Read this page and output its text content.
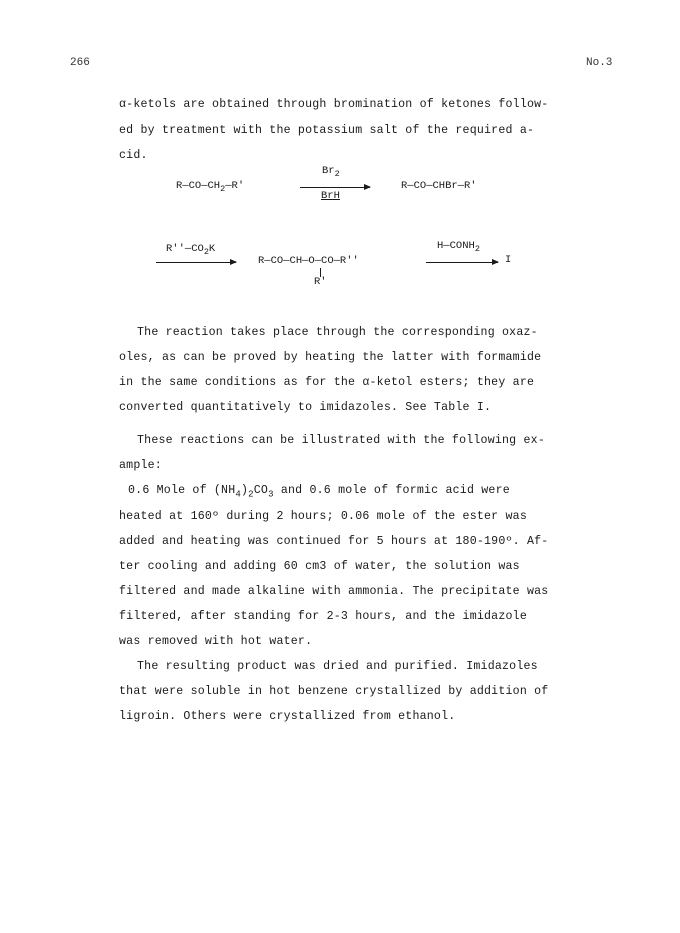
266	No.3
α-ketols are obtained through bromination of ketones follow-
ed by treatment with the potassium salt of the required a-
cid.
$R—CO—CH_2—R'$
$Br_2$
BrH
R—CO—CHBr—R'
$R''—CO_2K$
R—CO—CH—O—CO—R''
R'
$H—CONH_2$
I
The reaction takes place through the corresponding oxaz-
oles, as can be proved by heating the latter with formamide
in the same conditions as for the α-ketol esters; they are
converted quantitatively to imidazoles. See Table I.
These reactions can be illustrated with the following ex-
ample:
0.6 Mole of $(NH_4)_2CO_3$ and 0.6 mole of formic acid were
heated at 160º during 2 hours; 0.06 mole of the ester was
added and heating was continued for 5 hours at 180-190º. Af-
ter cooling and adding 60 cm3 of water, the solution was
filtered and made alkaline with ammonia. The precipitate was
filtered, after standing for 2-3 hours, and the imidazole
was removed with hot water.
The resulting product was dried and purified. Imidazoles
that were soluble in hot benzene crystallized by addition of
ligroin. Others were crystallized from ethanol.
